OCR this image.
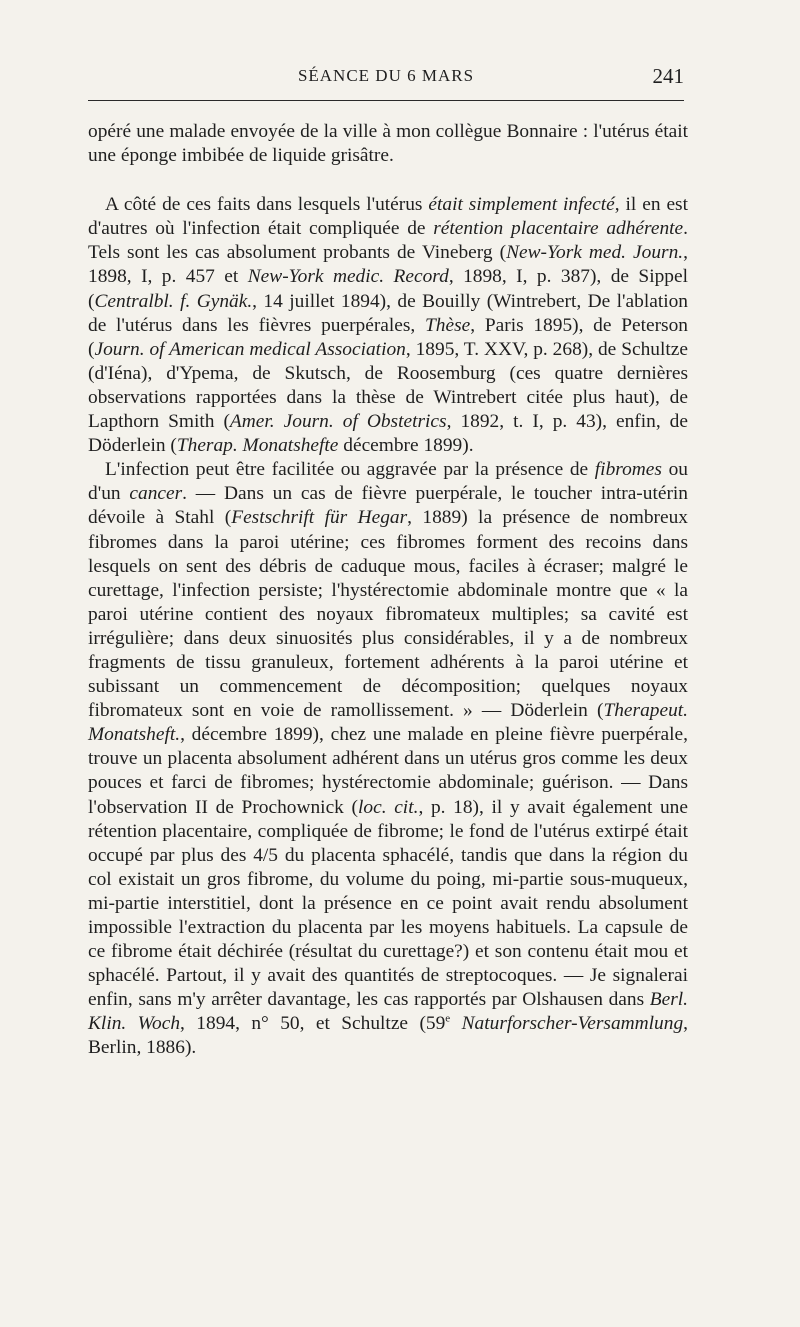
SÉANCE DU 6 MARS	241

opéré une malade envoyée de la ville à mon collègue Bonnaire : l'utérus était une éponge imbibée de liquide grisâtre.

A côté de ces faits dans lesquels l'utérus était simplement infecté, il en est d'autres où l'infection était compliquée de rétention placentaire adhérente. Tels sont les cas absolument probants de Vineberg (New-York med. Journ., 1898, I, p. 457 et New-York medic. Record, 1898, I, p. 387), de Sippel (Centralbl. f. Gynäk., 14 juillet 1894), de Bouilly (Wintrebert, De l'ablation de l'utérus dans les fièvres puerpérales, Thèse, Paris 1895), de Peterson (Journ. of American medical Association, 1895, T. XXV, p. 268), de Schultze (d'Iéna), d'Ypema, de Skutsch, de Roosemburg (ces quatre dernières observations rapportées dans la thèse de Wintrebert citée plus haut), de Lapthorn Smith (Amer. Journ. of Obstetrics, 1892, t. I, p. 43), enfin, de Döderlein (Therap. Monatshefte décembre 1899).

L'infection peut être facilitée ou aggravée par la présence de fibromes ou d'un cancer. — Dans un cas de fièvre puerpérale, le toucher intra-utérin dévoile à Stahl (Festschrift für Hegar, 1889) la présence de nombreux fibromes dans la paroi utérine; ces fibromes forment des recoins dans lesquels on sent des débris de caduque mous, faciles à écraser; malgré le curettage, l'infection persiste; l'hystérectomie abdominale montre que « la paroi utérine contient des noyaux fibromateux multiples; sa cavité est irrégulière; dans deux sinuosités plus considérables, il y a de nombreux fragments de tissu granuleux, fortement adhérents à la paroi utérine et subissant un commencement de décomposition; quelques noyaux fibromateux sont en voie de ramollissement. » — Döderlein (Therapeut. Monatsheft., décembre 1899), chez une malade en pleine fièvre puerpérale, trouve un placenta absolument adhérent dans un utérus gros comme les deux pouces et farci de fibromes; hystérectomie abdominale; guérison. — Dans l'observation II de Prochownick (loc. cit., p. 18), il y avait également une rétention placentaire, compliquée de fibrome; le fond de l'utérus extirpé était occupé par plus des 4/5 du placenta sphacélé, tandis que dans la région du col existait un gros fibrome, du volume du poing, mi-partie sous-muqueux, mi-partie interstitiel, dont la présence en ce point avait rendu absolument impossible l'extraction du placenta par les moyens habituels. La capsule de ce fibrome était déchirée (résultat du curettage?) et son contenu était mou et sphacélé. Partout, il y avait des quantités de streptocoques. — Je signalerai enfin, sans m'y arrêter davantage, les cas rapportés par Olshausen dans Berl. Klin. Woch, 1894, n° 50, et Schultze (59e Naturforscher-Versammlung, Berlin, 1886).
